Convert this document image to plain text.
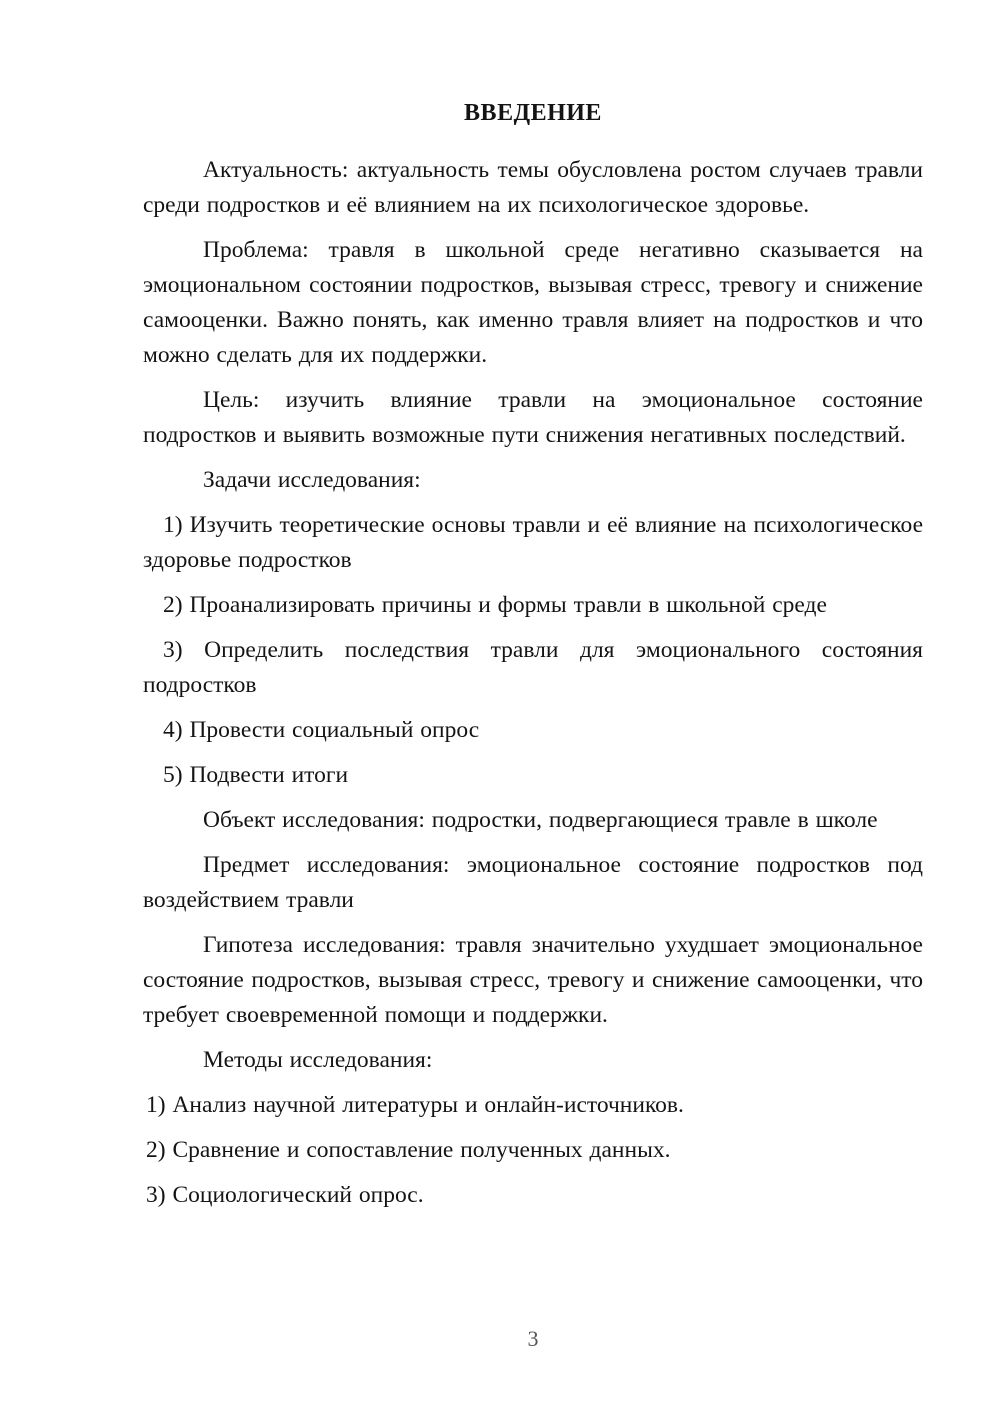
ВВЕДЕНИЕ

Актуальность: актуальность темы обусловлена ростом случаев травли среди подростков и её влиянием на их психологическое здоровье.

Проблема: травля в школьной среде негативно сказывается на эмоциональном состоянии подростков, вызывая стресс, тревогу и снижение самооценки. Важно понять, как именно травля влияет на подростков и что можно сделать для их поддержки.

Цель: изучить влияние травли на эмоциональное состояние подростков и выявить возможные пути снижения негативных последствий.

Задачи исследования:

1) Изучить теоретические основы травли и её влияние на психологическое здоровье подростков

2) Проанализировать причины и формы травли в школьной среде

3) Определить последствия травли для эмоционального состояния подростков

4) Провести социальный опрос

5) Подвести итоги

Объект исследования: подростки, подвергающиеся травле в школе

Предмет исследования: эмоциональное состояние подростков под воздействием травли

Гипотеза исследования: травля значительно ухудшает эмоциональное состояние подростков, вызывая стресс, тревогу и снижение самооценки, что требует своевременной помощи и поддержки.

Методы исследования:

1) Анализ научной литературы и онлайн-источников.

2) Сравнение и сопоставление полученных данных.

3) Социологический опрос.

3
